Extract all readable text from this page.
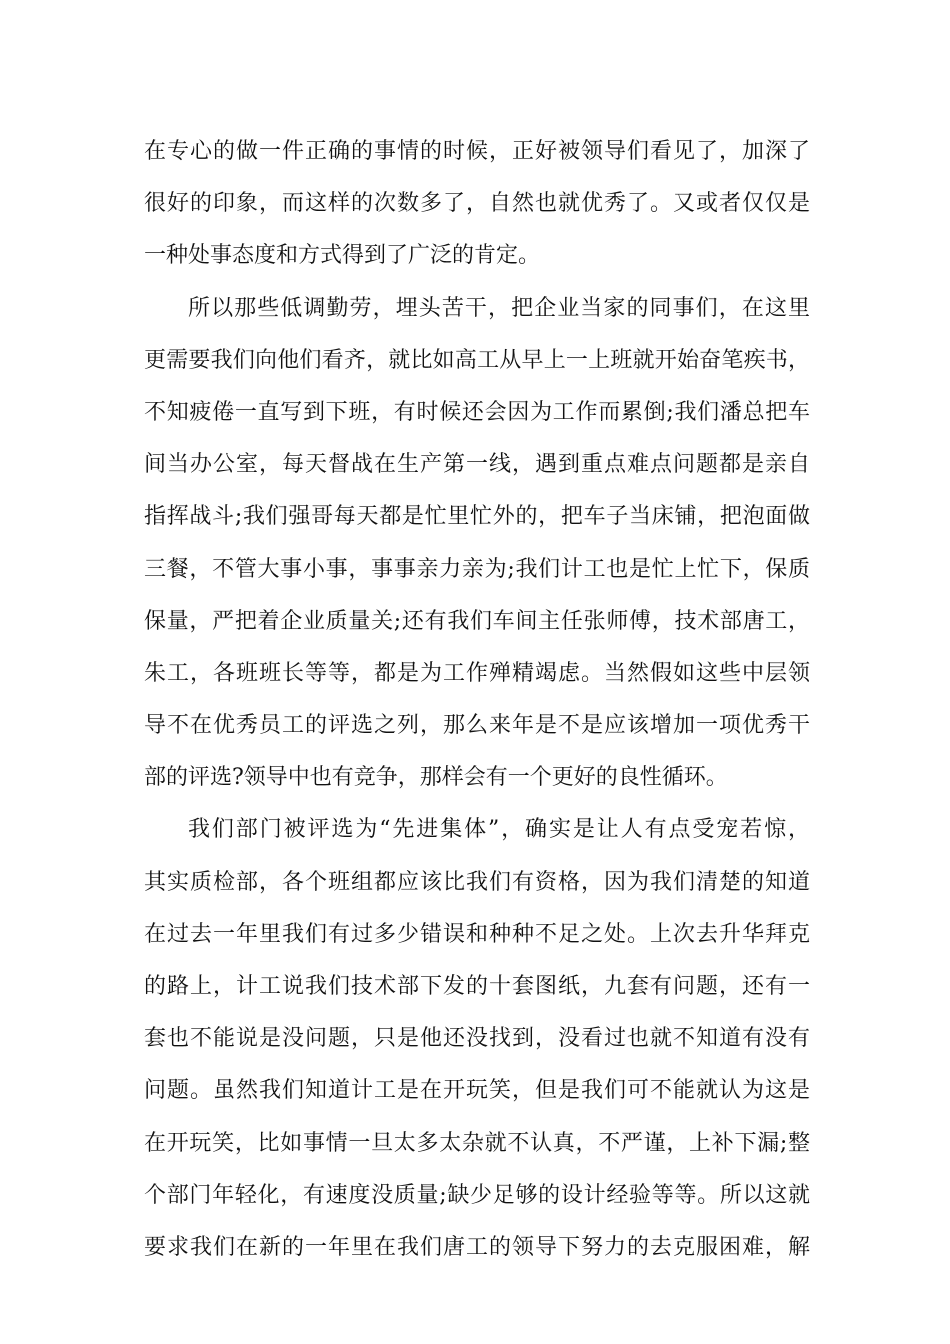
在专心的做一件正确的事情的时候，正好被领导们看见了，加深了
很好的印象，而这样的次数多了，自然也就优秀了。又或者仅仅是
一种处事态度和方式得到了广泛的肯定。
所以那些低调勤劳，埋头苦干，把企业当家的同事们，在这里
更需要我们向他们看齐，就比如高工从早上一上班就开始奋笔疾书，
不知疲倦一直写到下班，有时候还会因为工作而累倒;我们潘总把车
间当办公室，每天督战在生产第一线，遇到重点难点问题都是亲自
指挥战斗;我们强哥每天都是忙里忙外的，把车子当床铺，把泡面做
三餐，不管大事小事，事事亲力亲为;我们计工也是忙上忙下，保质
保量，严把着企业质量关;还有我们车间主任张师傅，技术部唐工，
朱工，各班班长等等，都是为工作殚精竭虑。当然假如这些中层领
导不在优秀员工的评选之列，那么来年是不是应该增加一项优秀干
部的评选?领导中也有竞争，那样会有一个更好的良性循环。
我们部门被评选为“先进集体”，确实是让人有点受宠若惊，
其实质检部，各个班组都应该比我们有资格，因为我们清楚的知道
在过去一年里我们有过多少错误和种种不足之处。上次去升华拜克
的路上，计工说我们技术部下发的十套图纸，九套有问题，还有一
套也不能说是没问题，只是他还没找到，没看过也就不知道有没有
问题。虽然我们知道计工是在开玩笑，但是我们可不能就认为这是
在开玩笑，比如事情一旦太多太杂就不认真，不严谨，上补下漏;整
个部门年轻化，有速度没质量;缺少足够的设计经验等等。所以这就
要求我们在新的一年里在我们唐工的领导下努力的去克服困难，解
